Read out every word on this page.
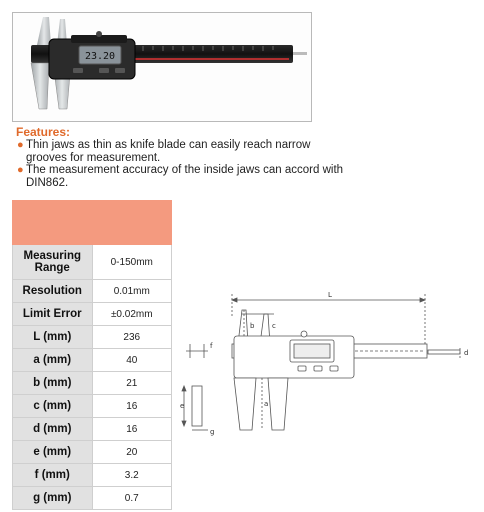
23.20
Features:
● Thin jaws as thin as knife blade can easily reach narrow grooves for measurement.
● The measurement accuracy of the inside jaws can accord with DIN862.

Measuring Range	0-150mm
Resolution	0.01mm
Limit Error	±0.02mm
L (mm)	236
a (mm)	40
b (mm)	21
c (mm)	16
d (mm)	16
e (mm)	20
f (mm)	3.2
g (mm)	0.7
L
d
b	c
a
f
e
g
